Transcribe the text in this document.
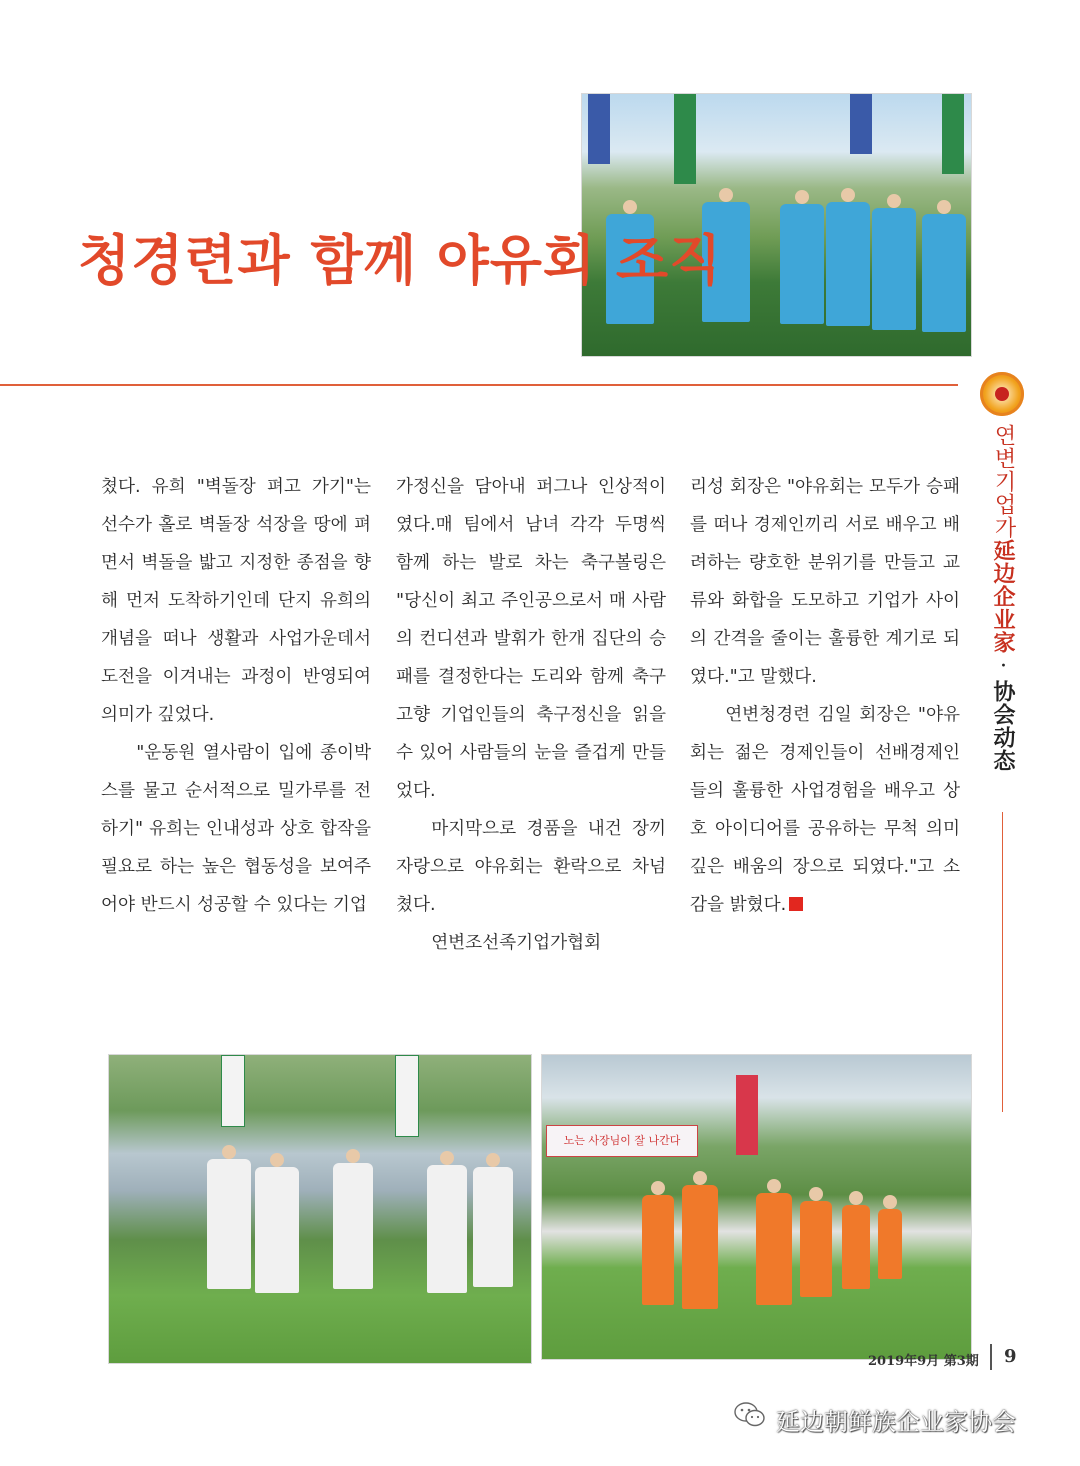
청경련과 함께 야유회 조직
연변기업가延边企业家·协会动态

쳤다. 유희 "벽돌장 펴고 가기"는 선수가 홀로 벽돌장 석장을 땅에 펴면서 벽돌을 밟고 지정한 종점을 향해 먼저 도착하기인데 단지 유희의 개념을 떠나 생활과 사업가운데서 도전을 이겨내는 과정이 반영되여 의미가 깊었다.

"운동원 열사람이 입에 종이박스를 물고 순서적으로 밀가루를 전하기" 유희는 인내성과 상호 합작을 필요로 하는 높은 협동성을 보여주어야 반드시 성공할 수 있다는 기업

가정신을 담아내 퍼그나 인상적이였다.매 팀에서 남녀 각각 두명씩 함께 하는 발로 차는 축구볼링은 "당신이 최고 주인공으로서 매 사람의 컨디션과 발휘가 한개 집단의 승패를 결정한다는 도리와 함께 축구고향 기업인들의 축구정신을 읽을수 있어 사람들의 눈을 즐겁게 만들었다.

마지막으로 경품을 내건 장끼자랑으로 야유회는 환락으로 차넘쳤다.

연변조선족기업가협회

리성 회장은 "야유회는 모두가 승패를 떠나 경제인끼리 서로 배우고 배려하는 량호한 분위기를 만들고 교류와 화합을 도모하고 기업가 사이의 간격을 줄이는 훌륭한 계기로 되였다."고 말했다.

연변청경련 김일 회장은 "야유회는 젊은 경제인들이 선배경제인들의 훌륭한 사업경험을 배우고 상호 아이디어를 공유하는 무척 의미깊은 배움의 장으로 되였다."고 소감을 밝혔다.

노는 사장님이 잘 나간다
2019年9月 第3期 9
延边朝鲜族企业家协会
